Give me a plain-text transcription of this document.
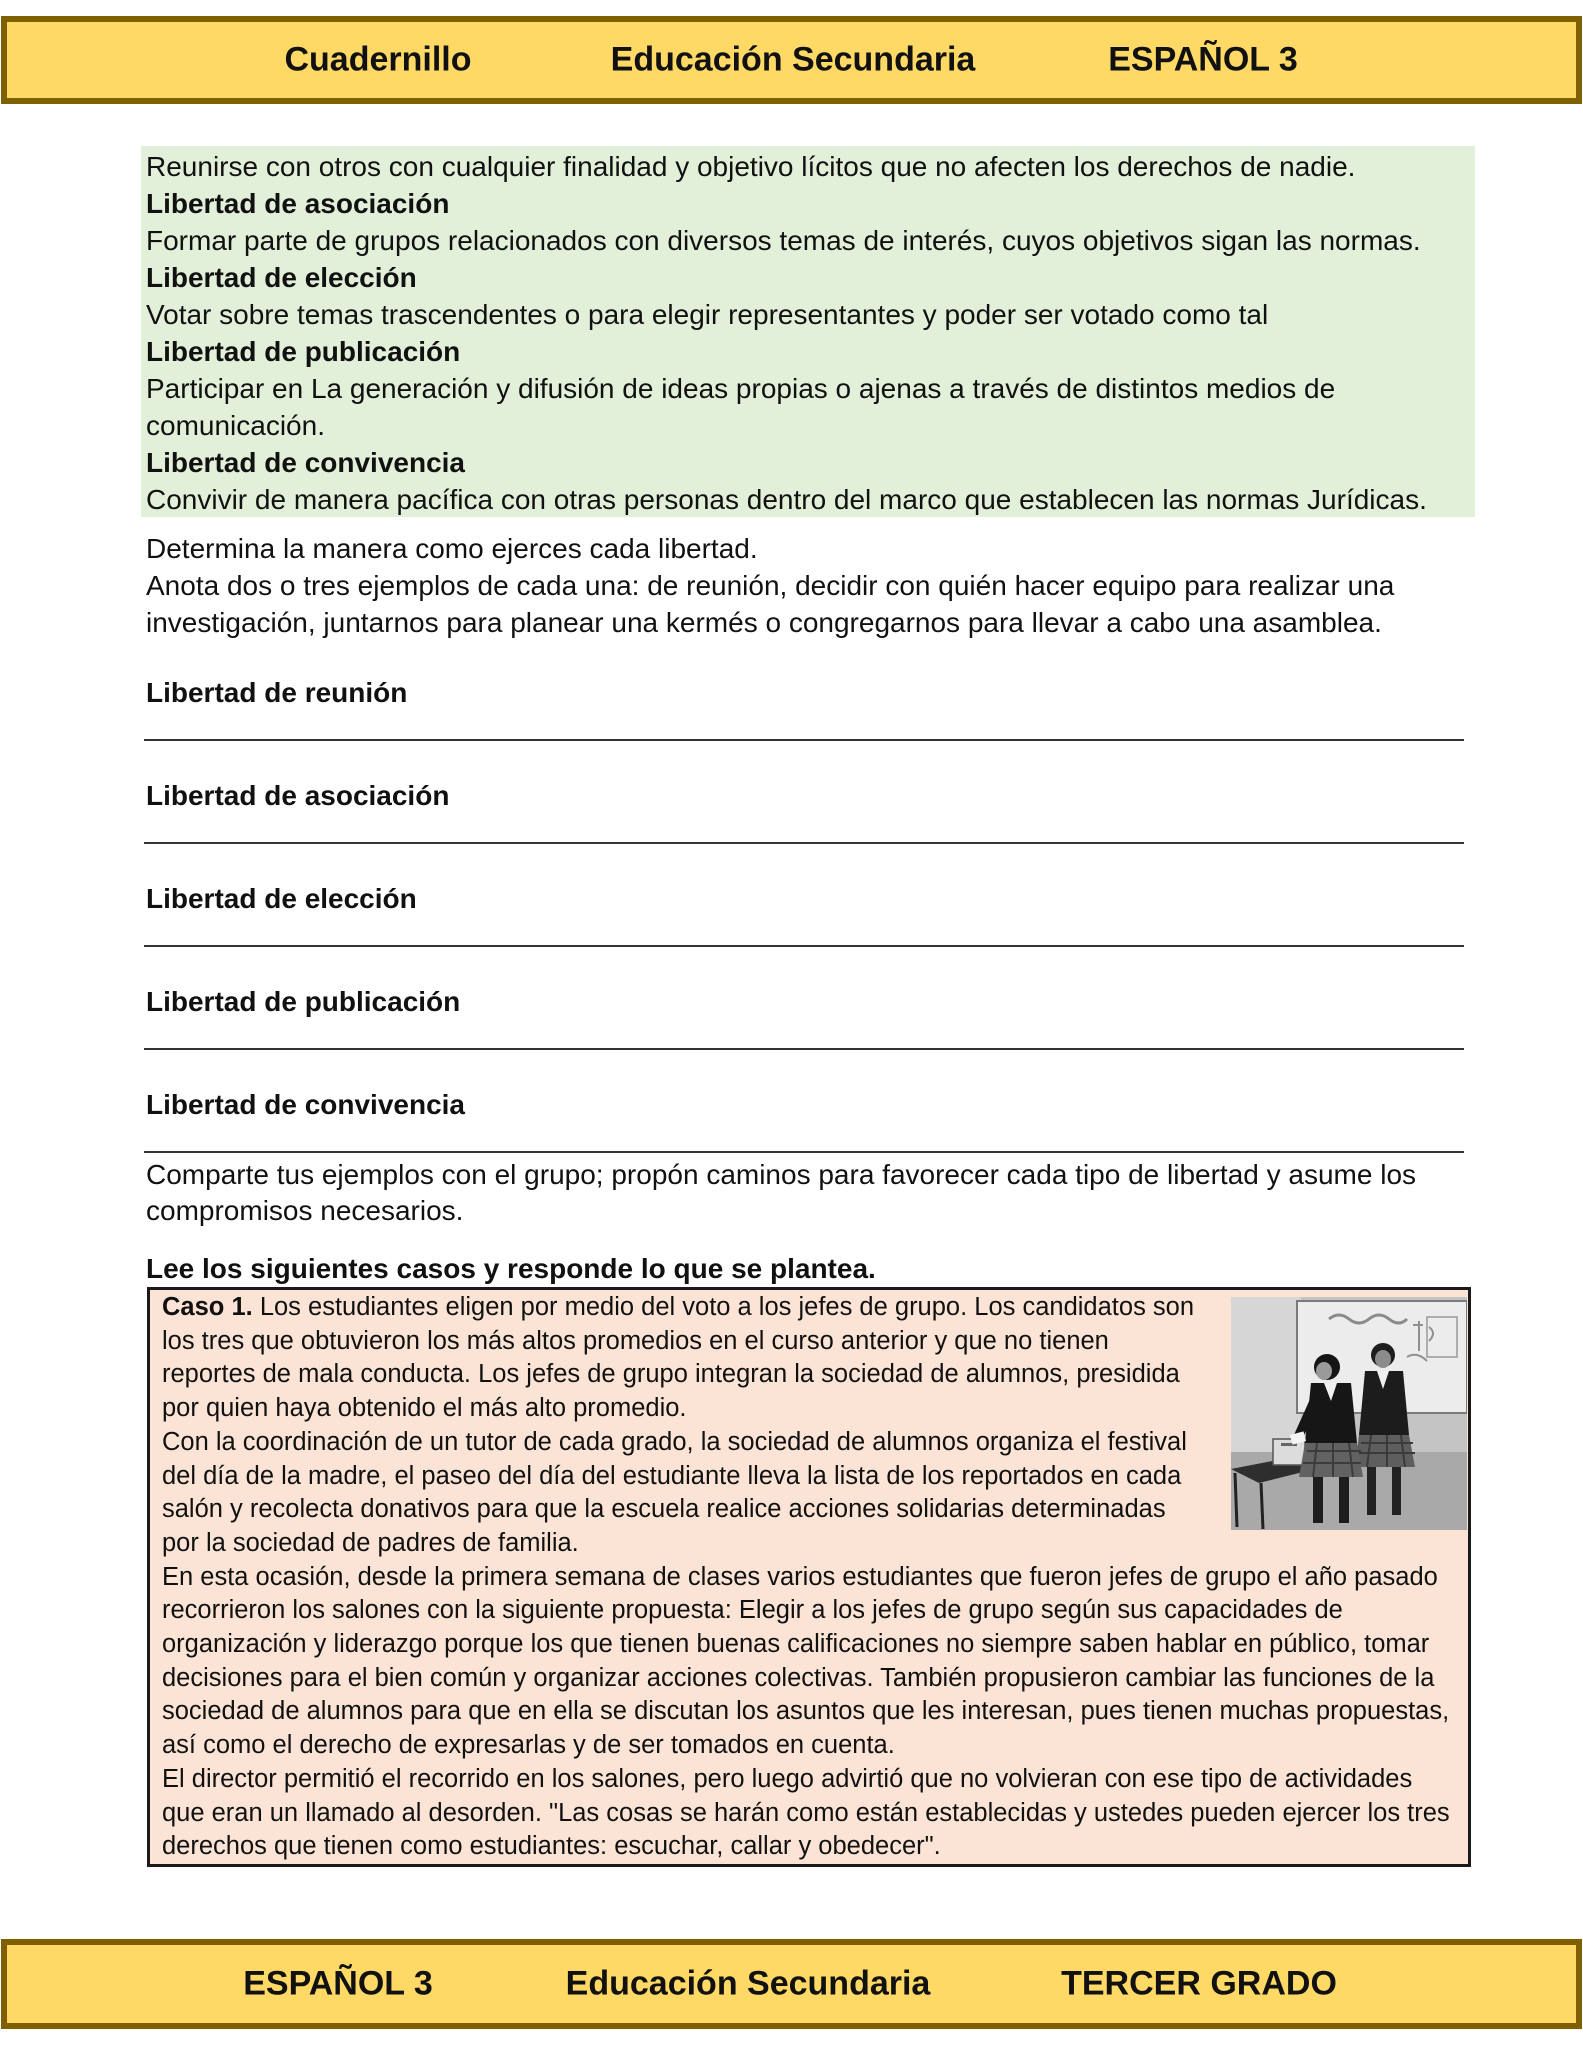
Cuadernillo	Educación Secundaria	ESPAÑOL 3
Reunirse con otros con cualquier finalidad y objetivo lícitos que no afecten los derechos de nadie.
Libertad de asociación
Formar parte de grupos relacionados con diversos temas de interés, cuyos objetivos sigan las normas.
Libertad de elección
Votar sobre temas trascendentes o para elegir representantes y poder ser votado como tal
Libertad de publicación
Participar en La generación y difusión de ideas propias o ajenas a través de distintos medios de
comunicación.
Libertad de convivencia
Convivir de manera pacífica con otras personas dentro del marco que establecen las normas Jurídicas.
Determina la manera como ejerces cada libertad.
Anota dos o tres ejemplos de cada una: de reunión, decidir con quién hacer equipo para realizar una
investigación, juntarnos para planear una kermés o congregarnos para llevar a cabo una asamblea.
Libertad de reunión
Libertad de asociación
Libertad de elección
Libertad de publicación
Libertad de convivencia
Comparte tus ejemplos con el grupo; propón caminos para favorecer cada tipo de libertad y asume los
compromisos necesarios.
Lee los siguientes casos y responde lo que se plantea.
Caso 1. Los estudiantes eligen por medio del voto a los jefes de grupo. Los candidatos son
los tres que obtuvieron los más altos promedios en el curso anterior y que no tienen
reportes de mala conducta. Los jefes de grupo integran la sociedad de alumnos, presidida
por quien haya obtenido el más alto promedio.
Con la coordinación de un tutor de cada grado, la sociedad de alumnos organiza el festival
del día de la madre, el paseo del día del estudiante lleva la lista de los reportados en cada
salón y recolecta donativos para que la escuela realice acciones solidarias determinadas
por la sociedad de padres de familia.
En esta ocasión, desde la primera semana de clases varios estudiantes que fueron jefes de grupo el año pasado
recorrieron los salones con la siguiente propuesta: Elegir a los jefes de grupo según sus capacidades de
organización y liderazgo porque los que tienen buenas calificaciones no siempre saben hablar en público, tomar
decisiones para el bien común y organizar acciones colectivas. También propusieron cambiar las funciones de la
sociedad de alumnos para que en ella se discutan los asuntos que les interesan, pues tienen muchas propuestas,
así como el derecho de expresarlas y de ser tomados en cuenta.
El director permitió el recorrido en los salones, pero luego advirtió que no volvieran con ese tipo de actividades
que eran un llamado al desorden. "Las cosas se harán como están establecidas y ustedes pueden ejercer los tres
derechos que tienen como estudiantes: escuchar, callar y obedecer".
ESPAÑOL 3	Educación Secundaria	TERCER GRADO
